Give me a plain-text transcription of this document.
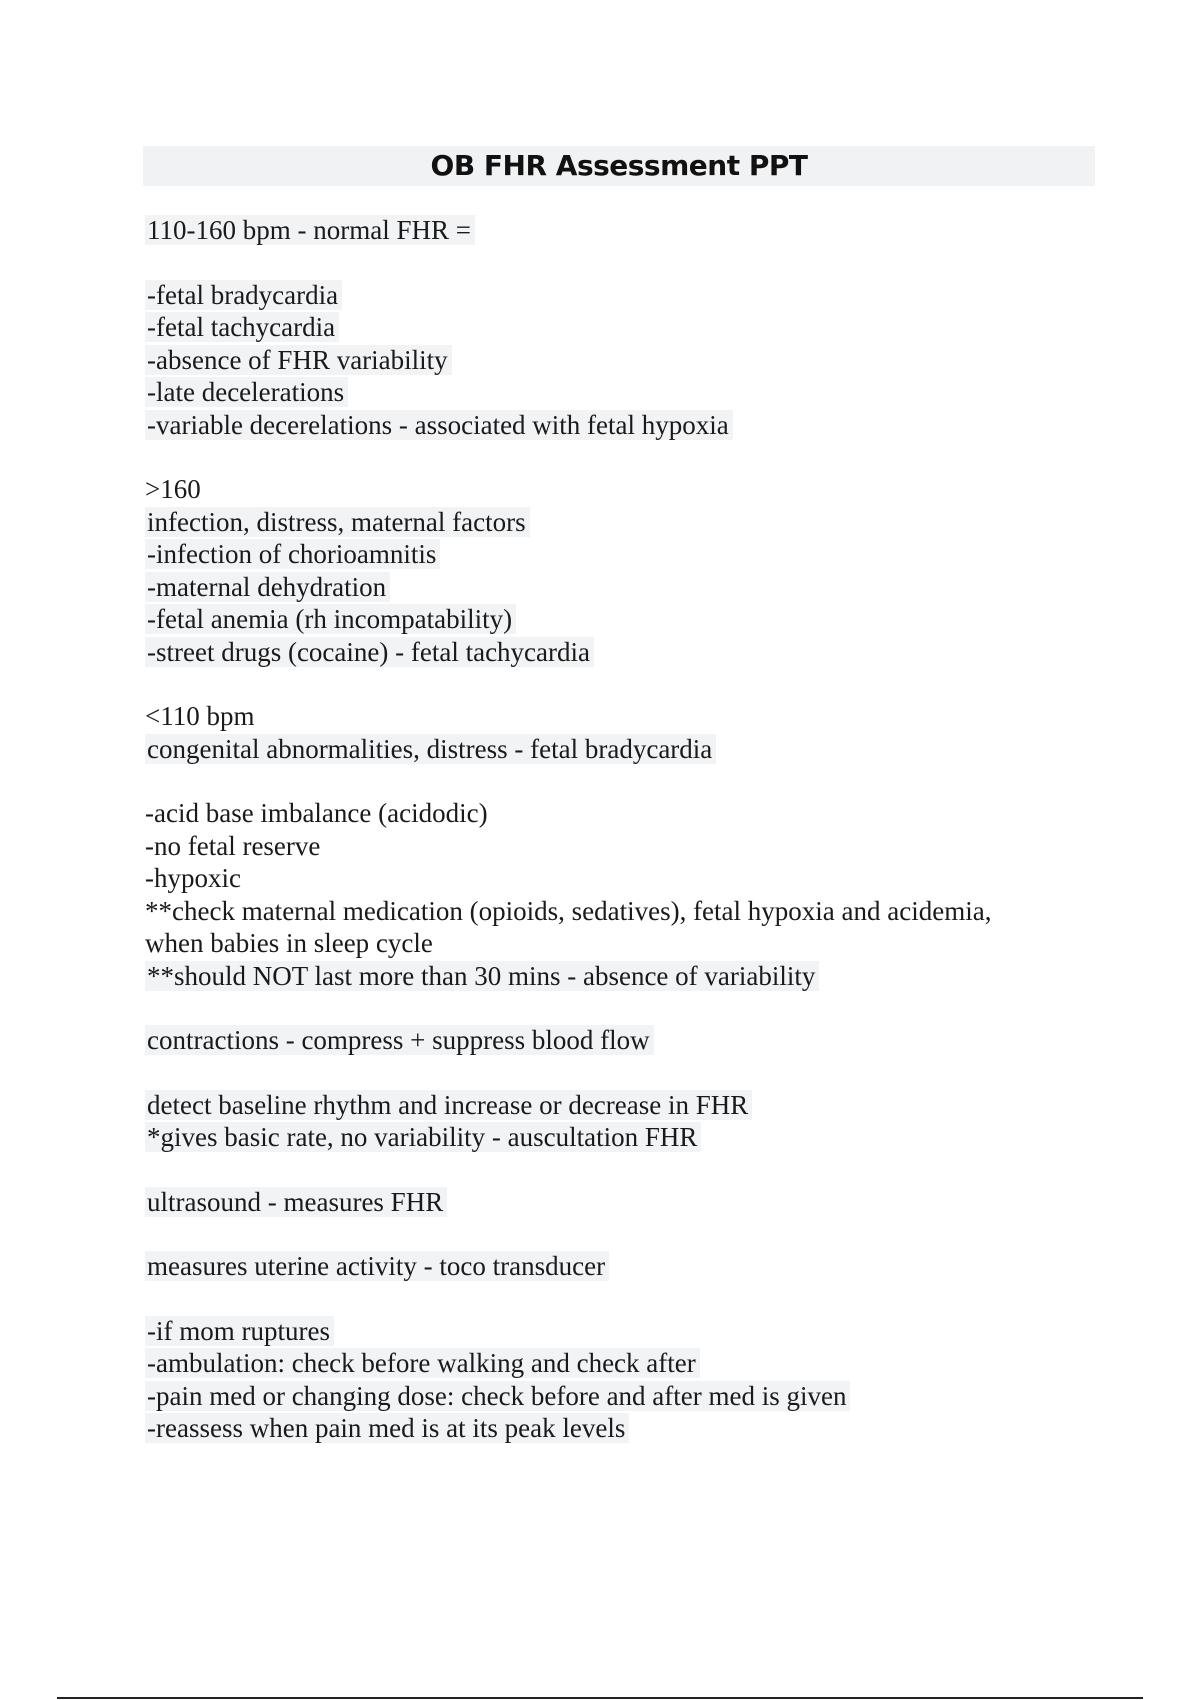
OB FHR Assessment PPT
110-160 bpm - normal FHR =
-fetal bradycardia
-fetal tachycardia
-absence of FHR variability
-late decelerations
-variable decerelations - associated with fetal hypoxia
>160
infection, distress, maternal factors
-infection of chorioamnitis
-maternal dehydration
-fetal anemia (rh incompatability)
-street drugs (cocaine) - fetal tachycardia
<110 bpm
congenital abnormalities, distress - fetal bradycardia
-acid base imbalance (acidodic)
-no fetal reserve
-hypoxic
**check maternal medication (opioids, sedatives), fetal hypoxia and acidemia,
when babies in sleep cycle
**should NOT last more than 30 mins - absence of variability
contractions - compress + suppress blood flow
detect baseline rhythm and increase or decrease in FHR
*gives basic rate, no variability - auscultation FHR
ultrasound - measures FHR
measures uterine activity - toco transducer
-if mom ruptures
-ambulation: check before walking and check after
-pain med or changing dose: check before and after med is given
-reassess when pain med is at its peak levels
